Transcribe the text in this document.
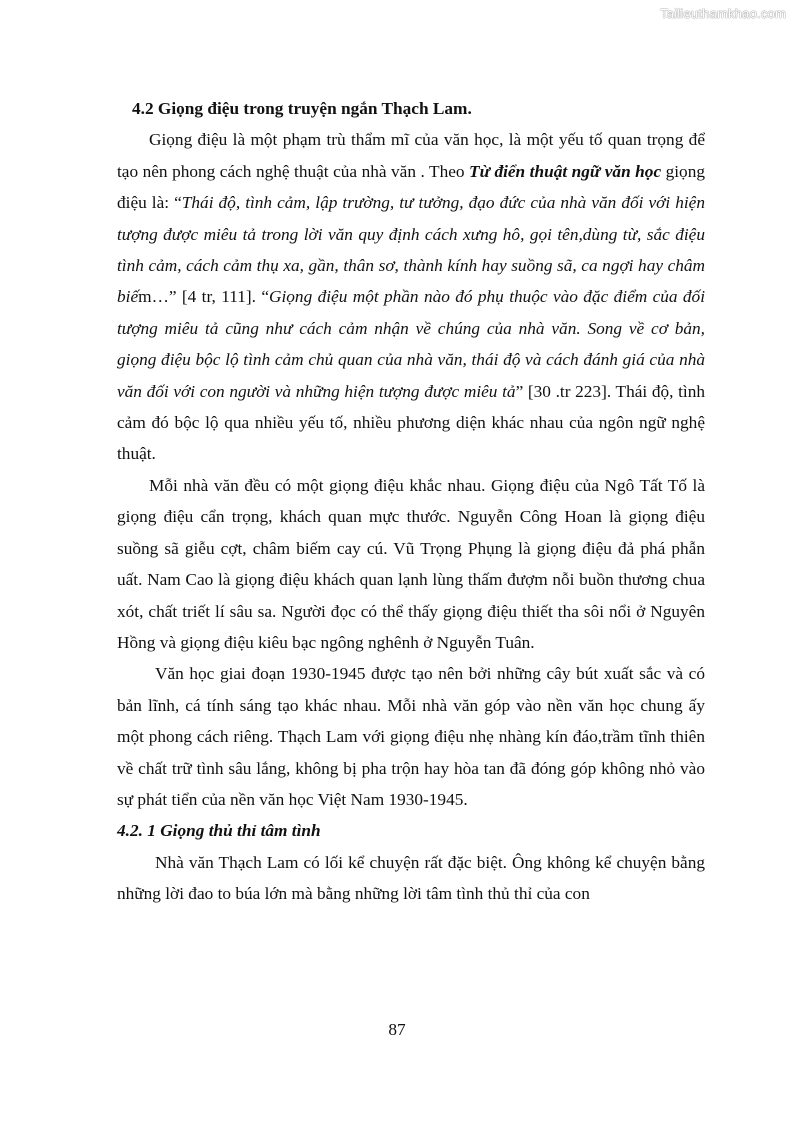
Tailieuthamkhao.com
4.2 Giọng điệu trong truyện ngắn Thạch Lam.

Giọng điệu là một phạm trù thẩm mĩ của văn học, là một yếu tố quan trọng để tạo nên phong cách nghệ thuật của nhà văn . Theo Từ điển thuật ngữ văn học giọng điệu là: “Thái độ, tình cảm, lập trường, tư tưởng, đạo đức của nhà văn đối với hiện tượng được miêu tả trong lời văn quy định cách xưng hô, gọi tên,dùng từ, sắc điệu tình cảm, cách cảm thụ xa, gần, thân sơ, thành kính hay suồng sã, ca ngợi hay châm biếm…” [4 tr, 111]. “Giọng điệu một phần nào đó phụ thuộc vào đặc điểm của đối tượng miêu tả cũng như cách cảm nhận về chúng của nhà văn. Song về cơ bản, giọng điệu bộc lộ tình cảm chủ quan của nhà văn, thái độ và cách đánh giá của nhà văn đối với con người và những hiện tượng được miêu tả” [30 .tr 223]. Thái độ, tình cảm đó bộc lộ qua nhiều yếu tố, nhiều phương diện khác nhau của ngôn ngữ nghệ thuật.

Mỗi nhà văn đều có một giọng điệu khắc nhau. Giọng điệu của Ngô Tất Tố là giọng điệu cẩn trọng, khách quan mực thước. Nguyễn Công Hoan là giọng điệu suồng sã giễu cợt, châm biếm cay cú. Vũ Trọng Phụng là giọng điệu đả phá phẫn uất. Nam Cao là giọng điệu khách quan lạnh lùng thấm đượm nỗi buồn thương chua xót, chất triết lí sâu sa. Người đọc có thể thấy giọng điệu thiết tha sôi nổi ở Nguyên Hồng và giọng điệu kiêu bạc ngông nghênh ở Nguyễn Tuân.

Văn học giai đoạn 1930-1945 được tạo nên bởi những cây bút xuất sắc và có bản lĩnh, cá tính sáng tạo khác nhau. Mỗi nhà văn góp vào nền văn học chung ấy một phong cách riêng. Thạch Lam với giọng điệu nhẹ nhàng kín đáo,trầm tĩnh thiên về chất trữ tình sâu lắng, không bị pha trộn hay hòa tan đã đóng góp không nhỏ vào sự phát tiển của nền văn học Việt Nam 1930-1945.

4.2. 1 Giọng thủ thỉ tâm tình

Nhà văn Thạch Lam có lối kể chuyện rất đặc biệt. Ông không kể chuyện bằng những lời đao to búa lớn mà bằng những lời tâm tình thủ thỉ của con

87
